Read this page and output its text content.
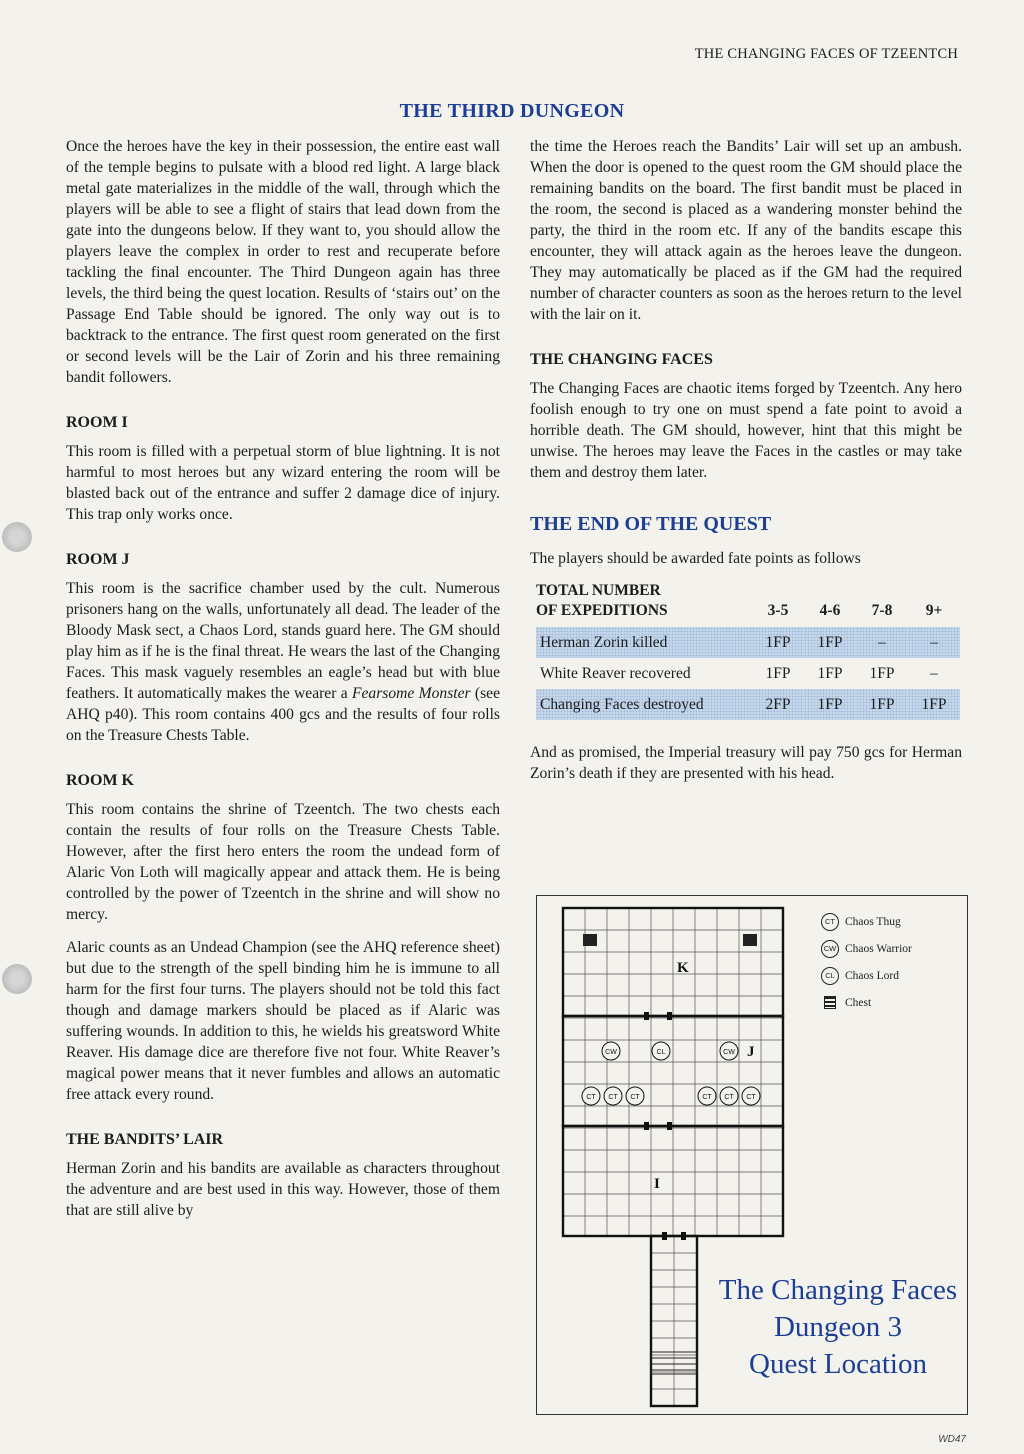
THE CHANGING FACES OF TZEENTCH
THE THIRD DUNGEON

Once the heroes have the key in their possession, the entire east wall of the temple begins to pulsate with a blood red light. A large black metal gate materializes in the middle of the wall, through which the players will be able to see a flight of stairs that lead down from the gate into the dungeons below. If they want to, you should allow the players leave the complex in order to rest and recuperate before tackling the final encounter. The Third Dungeon again has three levels, the third being the quest location. Results of ‘stairs out’ on the Passage End Table should be ignored. The only way out is to backtrack to the entrance. The first quest room generated on the first or second levels will be the Lair of Zorin and his three remaining bandit followers.

ROOM I

This room is filled with a perpetual storm of blue lightning. It is not harmful to most heroes but any wizard entering the room will be blasted back out of the entrance and suffer 2 damage dice of injury. This trap only works once.

ROOM J

This room is the sacrifice chamber used by the cult. Numerous prisoners hang on the walls, unfortunately all dead. The leader of the Bloody Mask sect, a Chaos Lord, stands guard here. The GM should play him as if he is the final threat. He wears the last of the Changing Faces. This mask vaguely resembles an eagle’s head but with blue feathers. It automatically makes the wearer a Fearsome Monster (see AHQ p40). This room contains 400 gcs and the results of four rolls on the Treasure Chests Table.

ROOM K

This room contains the shrine of Tzeentch. The two chests each contain the results of four rolls on the Treasure Chests Table. However, after the first hero enters the room the undead form of Alaric Von Loth will magically appear and attack them. He is being controlled by the power of Tzeentch in the shrine and will show no mercy.

Alaric counts as an Undead Champion (see the AHQ reference sheet) but due to the strength of the spell binding him he is immune to all harm for the first four turns. The players should not be told this fact though and damage markers should be placed as if Alaric was suffering wounds. In addition to this, he wields his greatsword White Reaver. His damage dice are therefore five not four. White Reaver’s magical power means that it never fumbles and allows an automatic free attack every round.

THE BANDITS’ LAIR

Herman Zorin and his bandits are available as characters throughout the adventure and are best used in this way. However, those of them that are still alive by

the time the Heroes reach the Bandits’ Lair will set up an ambush. When the door is opened to the quest room the GM should place the remaining bandits on the board. The first bandit must be placed in the room, the second is placed as a wandering monster behind the party, the third in the room etc. If any of the bandits escape this encounter, they will attack again as the heroes leave the dungeon. They may automatically be placed as if the GM had the required number of character counters as soon as the heroes return to the level with the lair on it.

THE CHANGING FACES

The Changing Faces are chaotic items forged by Tzeentch. Any hero foolish enough to try one on must spend a fate point to avoid a horrible death. The GM should, however, hint that this might be unwise. The heroes may leave the Faces in the castles or may take them and destroy them later.

THE END OF THE QUEST

The players should be awarded fate points as follows

TOTAL NUMBER
OF EXPEDITIONS	3-5	4-6	7-8	9+
Herman Zorin killed	1FP	1FP	–	–
White Reaver recovered	1FP	1FP	1FP	–
Changing Faces destroyed	2FP	1FP	1FP	1FP

And as promised, the Imperial treasury will pay 750 gcs for Herman Zorin’s death if they are presented with his head.

CW	CL	CW
CT CT CT	CT CT CT
K
J
I
CT Chaos Thug
CW Chaos Warrior
CL Chaos Lord
Chest
The Changing Faces
Dungeon 3
Quest Location
WD47
